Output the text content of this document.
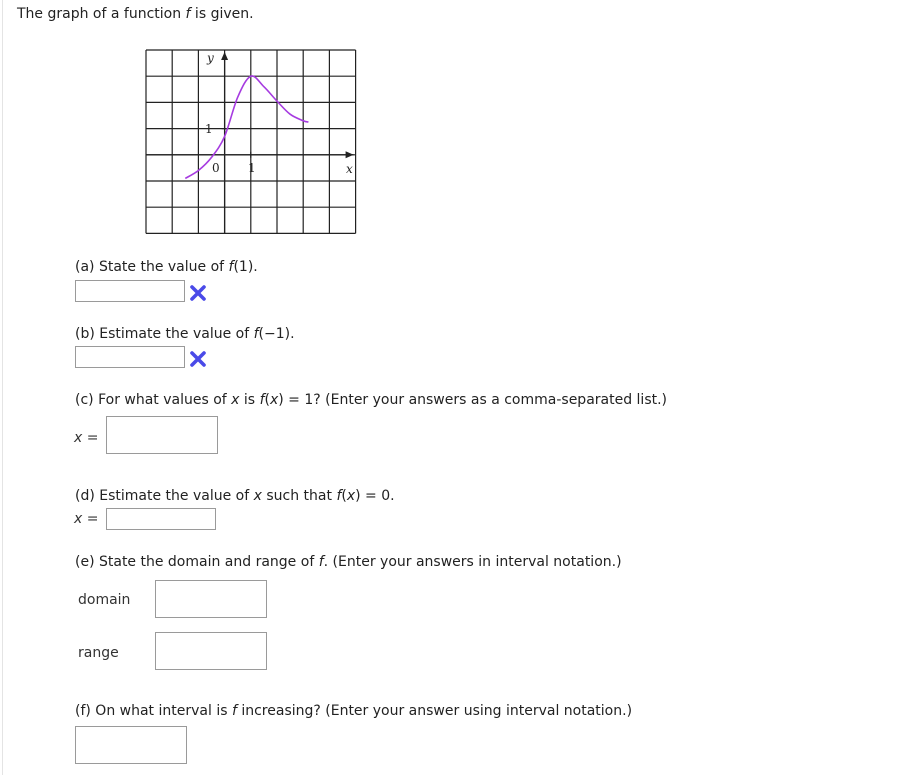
The graph of a function f is given.
y
x
0 1
1
(a) State the value of f(1).
(b) Estimate the value of f(−1).
(c) For what values of x is f(x) = 1? (Enter your answers as a comma-separated list.)
x =
(d) Estimate the value of x such that f(x) = 0.
x =
(e) State the domain and range of f. (Enter your answers in interval notation.)
domain
range
(f) On what interval is f increasing? (Enter your answer using interval notation.)
